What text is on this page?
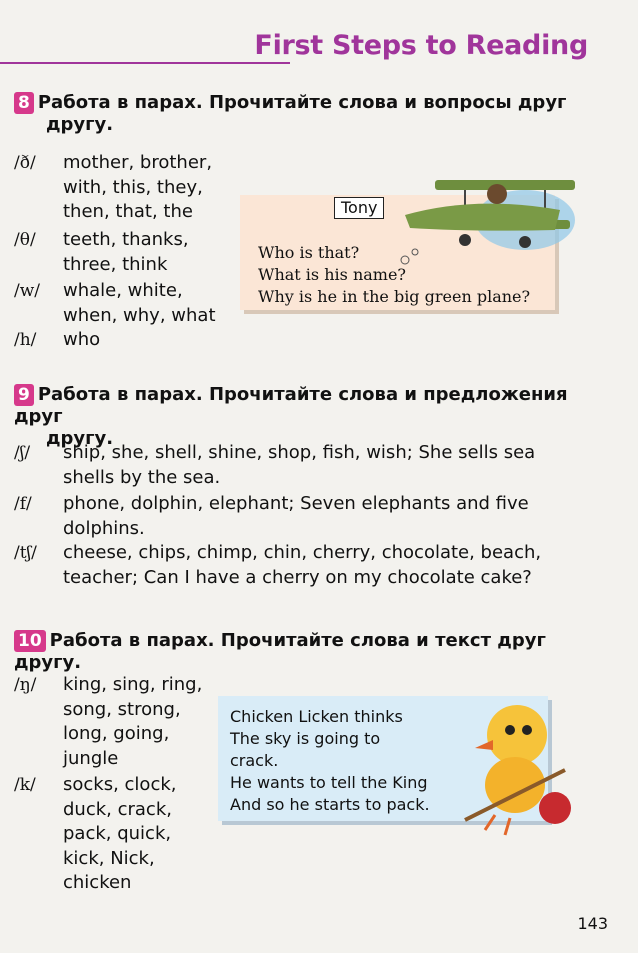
First Steps to Reading
8 Работа в парах. Прочитайте слова и вопросы друг
другу.
Who is that?
What is his name?
Why is he in the big green plane?
Tony
/ð/ mother, brother,
with, this, they,
then, that, the
/θ/ teeth, thanks,
three, think
/w/ whale, white,
when, why, what
/h/ who
9 Работа в парах. Прочитайте слова и предложения друг
другу.
/ʃ/ ship, she, shell, shine, shop, fish, wish; She sells sea
shells by the sea.
/f/ phone, dolphin, elephant; Seven elephants and five
dolphins.
/tʃ/ cheese, chips, chimp, chin, cherry, chocolate, beach,
teacher; Can I have a cherry on my chocolate cake?
10 Работа в парах. Прочитайте слова и текст друг другу.
/ŋ/ king, sing, ring,
song, strong,
long, going,
jungle
/k/ socks, clock,
duck, crack,
pack, quick,
kick, Nick,
chicken
Chicken Licken thinks
The sky is going to
crack.
He wants to tell the King
And so he starts to pack.
143
